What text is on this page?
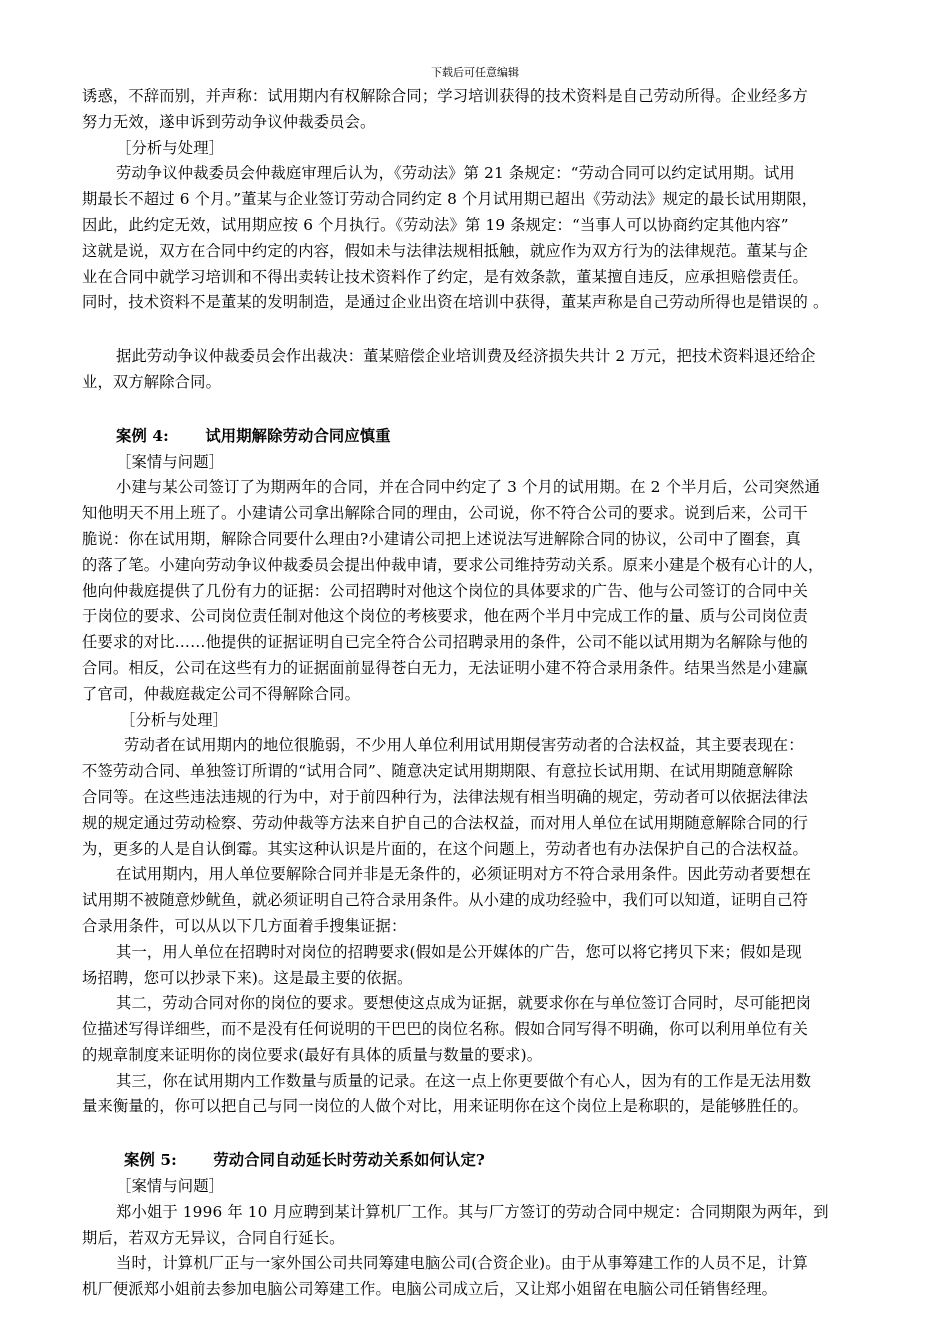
下载后可任意编辑
诱惑，不辞而别，并声称：试用期内有权解除合同；学习培训获得的技术资料是自己劳动所得。企业经多方
努力无效，遂申诉到劳动争议仲裁委员会。
［分析与处理］
劳动争议仲裁委员会仲裁庭审理后认为，《劳动法》第 21 条规定：“劳动合同可以约定试用期。试用
期最长不超过 6 个月。”董某与企业签订劳动合同约定 8 个月试用期已超出《劳动法》规定的最长试用期限，
因此，此约定无效，试用期应按 6 个月执行。《劳动法》第 19 条规定：“当事人可以协商约定其他内容”
这就是说，双方在合同中约定的内容，假如未与法律法规相抵触，就应作为双方行为的法律规范。董某与企
业在合同中就学习培训和不得出卖转让技术资料作了约定，是有效条款，董某擅自违反，应承担赔偿责任。
同时，技术资料不是董某的发明制造，是通过企业出资在培训中获得，董某声称是自己劳动所得也是错误的 。
据此劳动争议仲裁委员会作出裁决：董某赔偿企业培训费及经济损失共计 2 万元，把技术资料退还给企
业，双方解除合同。
案例 4:　　 试用期解除劳动合同应慎重
［案情与问题］
小建与某公司签订了为期两年的合同，并在合同中约定了 3 个月的试用期。在 2 个半月后，公司突然通
知他明天不用上班了。小建请公司拿出解除合同的理由，公司说，你不符合公司的要求。说到后来，公司干
脆说：你在试用期，解除合同要什么理由?小建请公司把上述说法写进解除合同的协议，公司中了圈套，真
的落了笔。小建向劳动争议仲裁委员会提出仲裁申请，要求公司维持劳动关系。原来小建是个极有心计的人，
他向仲裁庭提供了几份有力的证据：公司招聘时对他这个岗位的具体要求的广告、他与公司签订的合同中关
于岗位的要求、公司岗位责任制对他这个岗位的考核要求，他在两个半月中完成工作的量、质与公司岗位责
任要求的对比……他提供的证据证明自已完全符合公司招聘录用的条件，公司不能以试用期为名解除与他的
合同。相反，公司在这些有力的证据面前显得苍白无力，无法证明小建不符合录用条件。结果当然是小建赢
了官司，仲裁庭裁定公司不得解除合同。
［分析与处理］
劳动者在试用期内的地位很脆弱，不少用人单位利用试用期侵害劳动者的合法权益，其主要表现在：
不签劳动合同、单独签订所谓的“试用合同”、随意决定试用期期限、有意拉长试用期、在试用期随意解除
合同等。在这些违法违规的行为中，对于前四种行为，法律法规有相当明确的规定，劳动者可以依据法律法
规的规定通过劳动检察、劳动仲裁等方法来自护自己的合法权益，而对用人单位在试用期随意解除合同的行
为，更多的人是自认倒霉。其实这种认识是片面的，在这个问题上，劳动者也有办法保护自己的合法权益。
在试用期内，用人单位要解除合同并非是无条件的，必须证明对方不符合录用条件。因此劳动者要想在
试用期不被随意炒鱿鱼，就必须证明自己符合录用条件。从小建的成功经验中，我们可以知道，证明自己符
合录用条件，可以从以下几方面着手搜集证据：
其一，用人单位在招聘时对岗位的招聘要求(假如是公开媒体的广告，您可以将它拷贝下来；假如是现
场招聘，您可以抄录下来)。这是最主要的依据。
其二，劳动合同对你的岗位的要求。要想使这点成为证据，就要求你在与单位签订合同时，尽可能把岗
位描述写得详细些，而不是没有任何说明的干巴巴的岗位名称。假如合同写得不明确，你可以利用单位有关
的规章制度来证明你的岗位要求(最好有具体的质量与数量的要求)。
其三，你在试用期内工作数量与质量的记录。在这一点上你更要做个有心人，因为有的工作是无法用数
量来衡量的，你可以把自己与同一岗位的人做个对比，用来证明你在这个岗位上是称职的，是能够胜任的。
案例 5:　　 劳动合同自动延长时劳动关系如何认定?
［案情与问题］
郑小姐于 1996 年 10 月应聘到某计算机厂工作。其与厂方签订的劳动合同中规定：合同期限为两年，到
期后，若双方无异议，合同自行延长。
当时，计算机厂正与一家外国公司共同筹建电脑公司(合资企业)。由于从事筹建工作的人员不足，计算
机厂便派郑小姐前去参加电脑公司筹建工作。电脑公司成立后，又让郑小姐留在电脑公司任销售经理。
